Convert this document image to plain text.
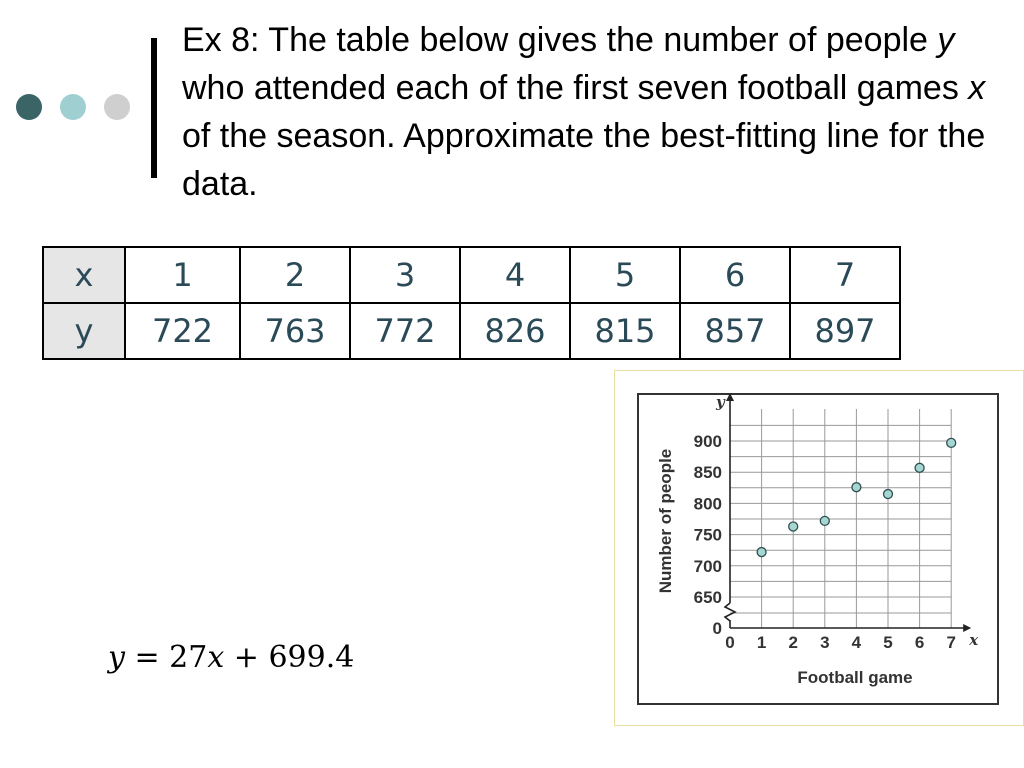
Ex 8: The table below gives the number of people y who attended each of the first seven football games x of the season. Approximate the best-fitting line for the data.
x	1	2	3	4	5	6	7
y	722	763	772	826	815	857	897
y = 27x + 699.4	0 1 2 3 4 5 6 7
0
650
700
750
800
850
900
y
x
Football game
Number of people
